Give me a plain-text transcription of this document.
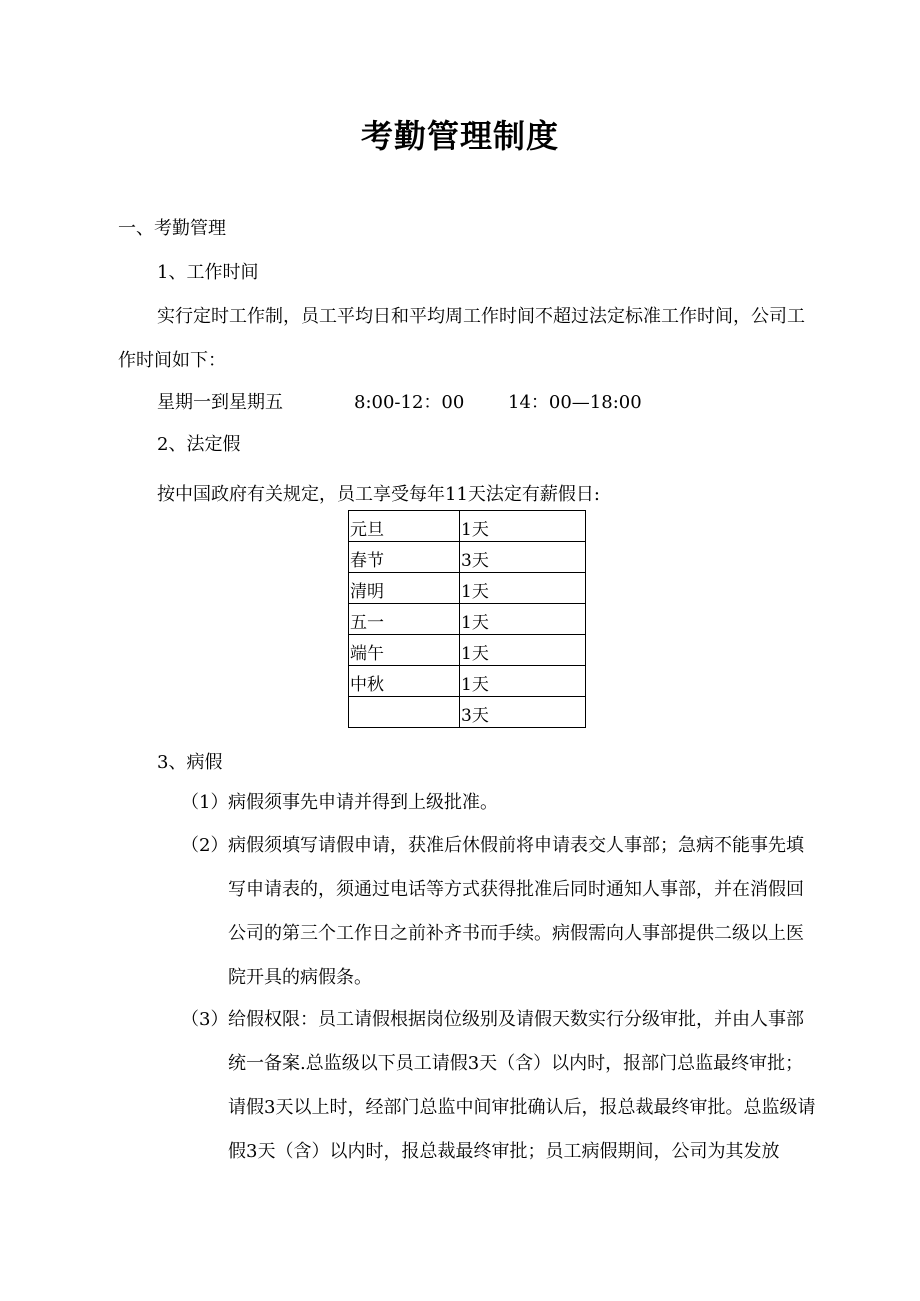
考勤管理制度
一、考勤管理
1、工作时间
实行定时工作制，员工平均日和平均周工作时间不超过法定标准工作时间，公司工作时间如下：
星期一到星期五	8:00-12：00 14：00—18:00
2、法定假
按中国政府有关规定，员工享受每年11天法定有薪假日:
元旦	1天
春节	3天
清明	1天
五一	1天
端午	1天
中秋	1天
	3天
3、病假
（1） 病假须事先申请并得到上级批准。
（2） 病假须填写请假申请，获准后休假前将申请表交人事部；急病不能事先填写申请表的，须通过电话等方式获得批准后同时通知人事部，并在消假回公司的第三个工作日之前补齐书而手续。病假需向人事部提供二级以上医院开具的病假条。
（3） 给假权限：员工请假根据岗位级别及请假天数实行分级审批，并由人事部统一备案.总监级以下员工请假3天（含）以内时，报部门总监最终审批；请假3天以上时，经部门总监中间审批确认后，报总裁最终审批。总监级请假3天（含）以内时，报总裁最终审批；员工病假期间，公司为其发放
